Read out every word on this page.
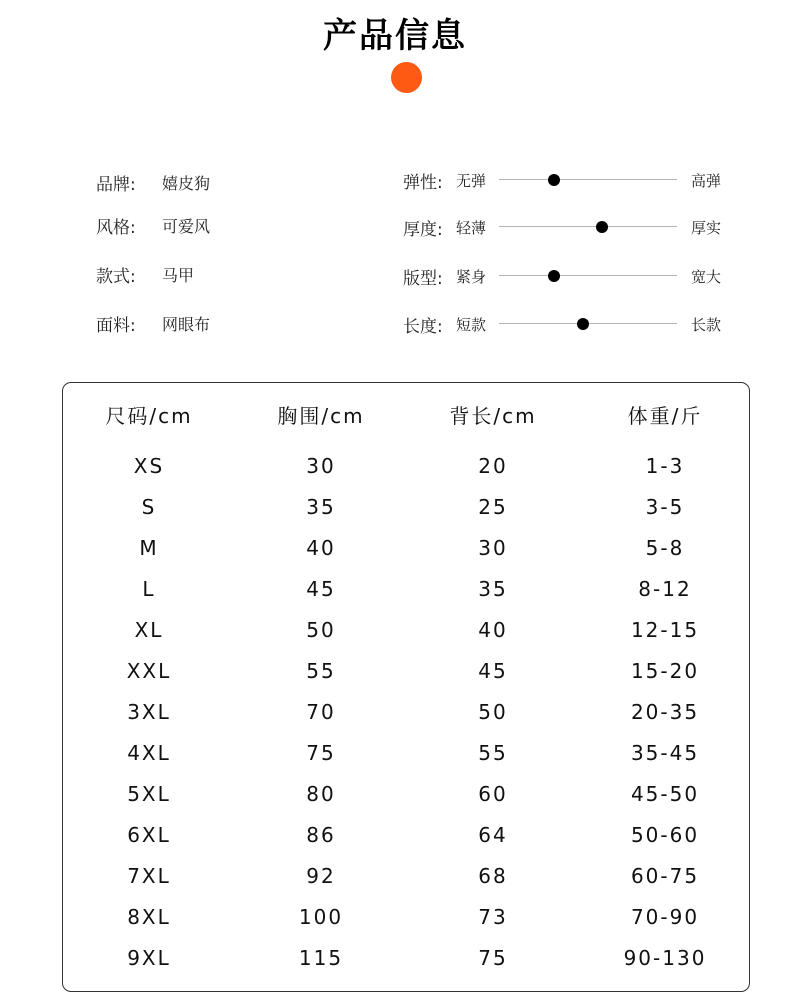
产品信息
品牌:	嬉皮狗
风格:	可爱风
款式:	马甲
面料:	网眼布
弹性: 无弹	高弹
厚度: 轻薄	厚实
版型: 紧身	宽大
长度: 短款	长款
尺码/cm	胸围/cm	背长/cm	体重/斤
XS	30	20	1-3
S	35	25	3-5
M	40	30	5-8
L	45	35	8-12
XL	50	40	12-15
XXL	55	45	15-20
3XL	70	50	20-35
4XL	75	55	35-45
5XL	80	60	45-50
6XL	86	64	50-60
7XL	92	68	60-75
8XL	100	73	70-90
9XL	115	75	90-130
